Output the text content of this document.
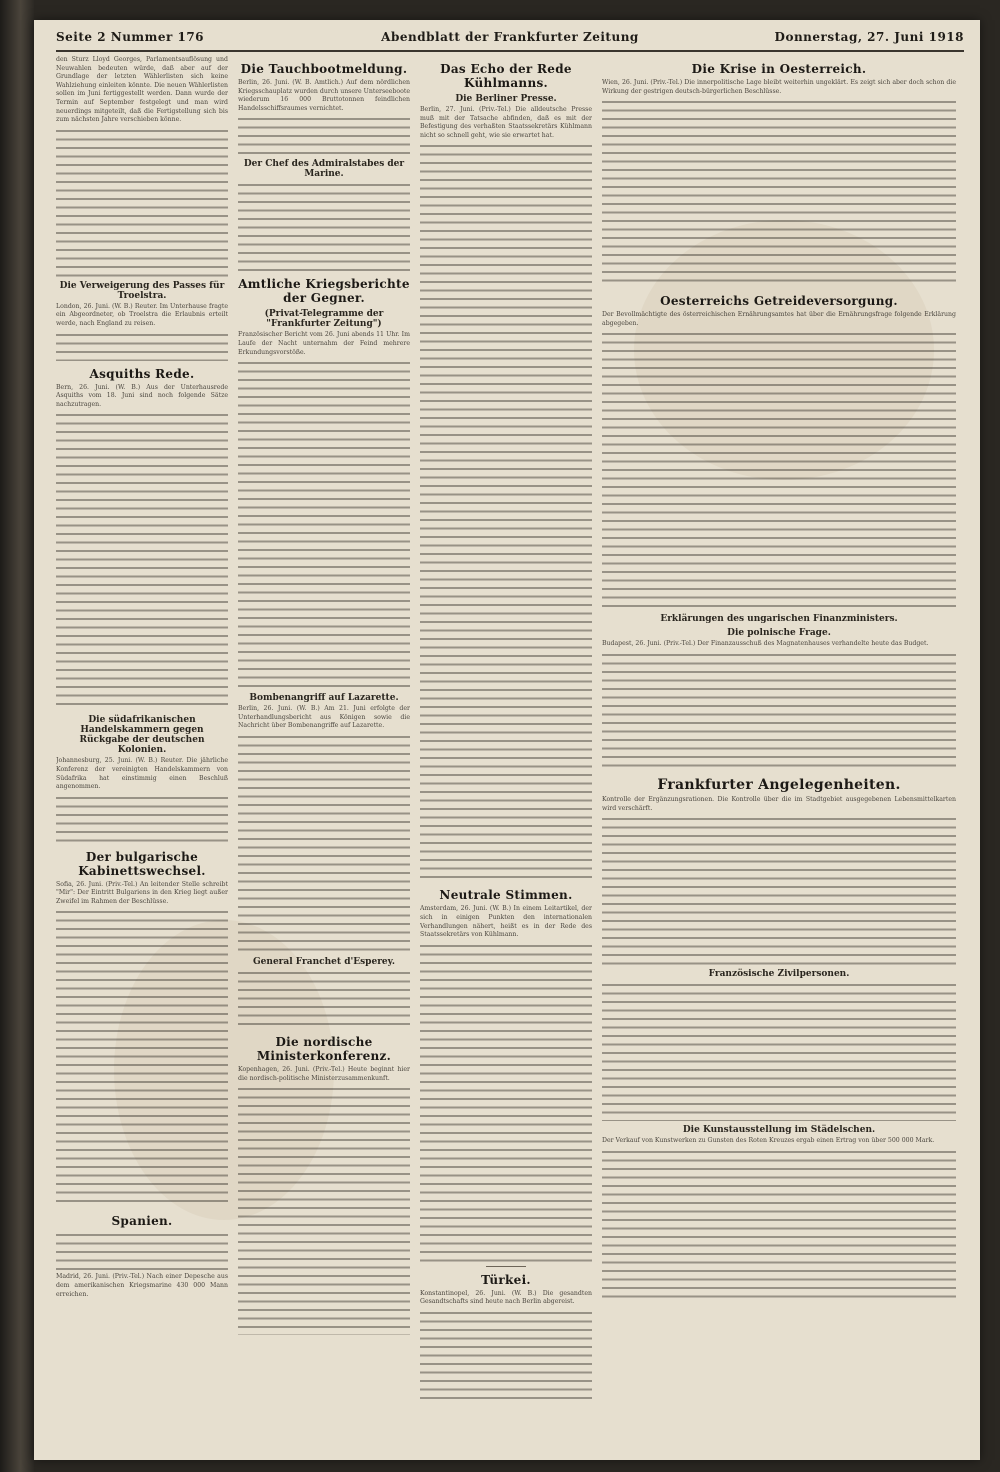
Seite 2 Nummer 176	Abendblatt der Frankfurter Zeitung	Donnerstag, 27. Juni 1918
den Sturz Lloyd Georges, Parlamentsauflösung und Neuwahlen bedeuten würde, daß aber auf der Grundlage der letzten Wählerlisten sich keine Wahlziehung einleiten könnte. Die neuen Wählerlisten sollen im Juni fertiggestellt werden. Dann wurde der Termin auf September festgelegt und man wird neuerdings mitgeteilt, daß die Fertigstellung sich bis zum nächsten Jahre verschieben könne.
Die Verweigerung des Passes für Troelstra.
London, 26. Juni. (W. B.) Reuter. Im Unterhause fragte ein Abgeordneter, ob Troelstra die Erlaubnis erteilt werde, nach England zu reisen.
Asquiths Rede.
Bern, 26. Juni. (W. B.) Aus der Unterhausrede Asquiths vom 18. Juni sind noch folgende Sätze nachzutragen.
Die südafrikanischen Handelskammern gegen Rückgabe der deutschen Kolonien.
Johannesburg, 25. Juni. (W. B.) Reuter. Die jährliche Konferenz der vereinigten Handelskammern von Südafrika hat einstimmig einen Beschluß angenommen.
Der bulgarische Kabinettswechsel.
Sofia, 26. Juni. (Priv.-Tel.) An leitender Stelle schreibt "Mir": Der Eintritt Bulgariens in den Krieg liegt außer Zweifel im Rahmen der Beschlüsse.
Spanien.
Madrid, 26. Juni. (Priv.-Tel.) Nach einer Depesche aus dem amerikanischen Kriegsmarine 430 000 Mann erreichen.
Die Tauchbootmeldung.
Berlin, 26. Juni. (W. B. Amtlich.) Auf dem nördlichen Kriegsschauplatz wurden durch unsere Unterseeboote wiederum 16 000 Bruttotonnen feindlichen Handelsschiffsraumes vernichtet.
Der Chef des Admiralstabes der Marine.
Amtliche Kriegsberichte der Gegner.
(Privat-Telegramme der "Frankfurter Zeitung")
Französischer Bericht vom 26. Juni abends 11 Uhr. Im Laufe der Nacht unternahm der Feind mehrere Erkundungsvorstöße.
Bombenangriff auf Lazarette.
Berlin, 26. Juni. (W. B.) Am 21. Juni erfolgte der Unterhandlungsbericht aus Königen sowie die Nachricht über Bombenangriffe auf Lazarette.
General Franchet d'Esperey.
Die nordische Ministerkonferenz.
Kopenhagen, 26. Juni. (Priv.-Tel.) Heute beginnt hier die nordisch-politische Ministerzusammenkunft.
Das Echo der Rede Kühlmanns.
Die Berliner Presse.
Berlin, 27. Juni. (Priv.-Tel.) Die alldeutsche Presse muß mit der Tatsache abfinden, daß es mit der Befestigung des verhaßten Staatssekretärs Kühlmann nicht so schnell geht, wie sie erwartet hat.
Neutrale Stimmen.
Amsterdam, 26. Juni. (W. B.) In einem Leitartikel, der sich in einigen Punkten den internationalen Verhandlungen nähert, heißt es in der Rede des Staatssekretärs von Kühlmann.
Türkei.
Konstantinopel, 26. Juni. (W. B.) Die gesandten Gesandtschafts sind heute nach Berlin abgereist.
Die Krise in Oesterreich.
Wien, 26. Juni. (Priv.-Tel.) Die innerpolitische Lage bleibt weiterhin ungeklärt. Es zeigt sich aber doch schon die Wirkung der gestrigen deutsch-bürgerlichen Beschlüsse.
Oesterreichs Getreideversorgung.
Der Bevollmächtigte des österreichischen Ernährungsamtes hat über die Ernährungsfrage folgende Erklärung abgegeben.
Erklärungen des ungarischen Finanzministers.
Die polnische Frage.
Budapest, 26. Juni. (Priv.-Tel.) Der Finanzausschuß des Magnatenhauses verhandelte heute das Budget.
Frankfurter Angelegenheiten.
Kontrolle der Ergänzungsrationen. Die Kontrolle über die im Stadtgebiet ausgegebenen Lebensmittelkarten wird verschärft.
Französische Zivilpersonen.
Die Kunstausstellung im Städelschen.
Der Verkauf von Kunstwerken zu Gunsten des Roten Kreuzes ergab einen Ertrag von über 500 000 Mark.
